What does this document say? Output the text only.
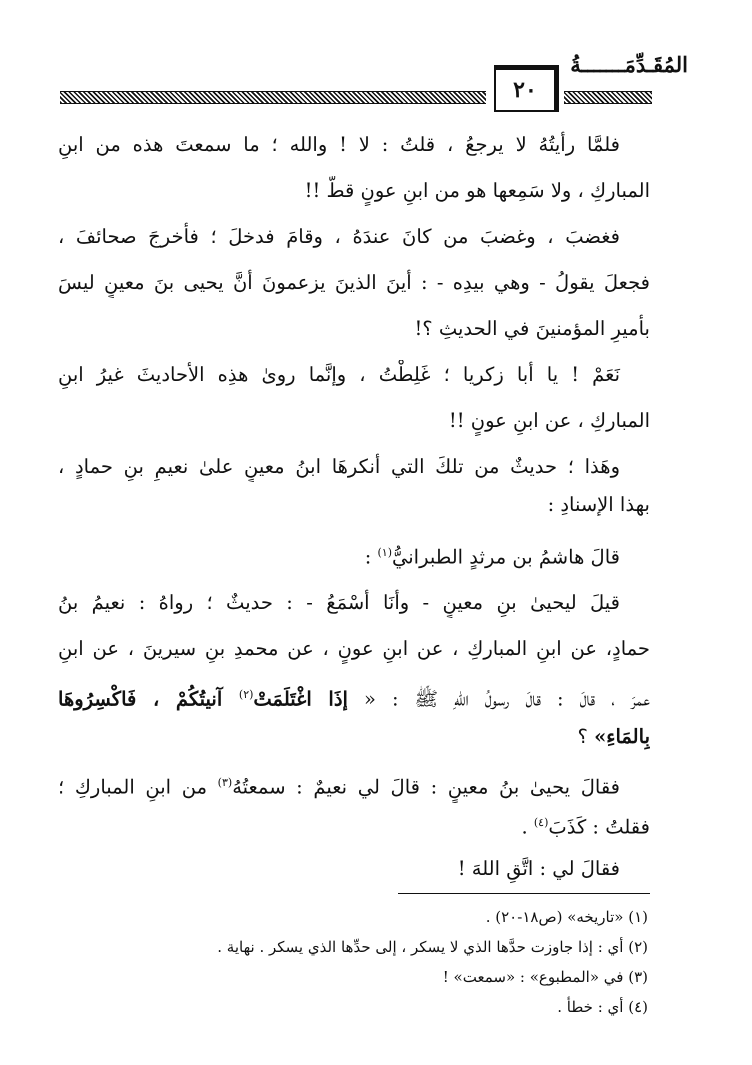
المُقَـدِّمَـــــــةُ
٢٠
فلمَّا رأيتُهُ لا يرجعُ ، قلتُ : لا ! والله ؛ ما سمعتَ هذه من ابنِ
المباركِ ، ولا سَمِعها هو من ابنِ عونٍ قطُّ !!
فغضبَ ، وغضبَ من كانَ عندَهُ ، وقامَ فدخلَ ؛ فأخرجَ صحائفَ ،
فجعلَ يقولُ - وهي بيدِه - : أينَ الذينَ يزعمونَ أنَّ يحيى بنَ معينٍ ليسَ
بأميرِ المؤمنينَ في الحديثِ ؟!
نَعَمْ ! يا أبا زكريا ؛ غَلِطْتُ ، وإنَّما روىٰ هذِه الأحاديثَ غيرُ ابنِ
المباركِ ، عن ابنِ عونٍ !!
وهَذا ؛ حديثٌ من تلكَ التي أنكرهَا ابنُ معينٍ علىٰ نعيمِ بنِ حمادٍ ،
بهذا الإسنادِ :
قالَ هاشمُ بن مرثدٍ الطبرانيُّ$^{(١)}$ :
قيلَ ليحيىٰ بنِ معينٍ - وأنَا أسْمَعُ - : حديثٌ ؛ رواهُ : نعيمُ بنُ
حمادٍ، عن ابنِ المباركِ ، عن ابنِ عونٍ ، عن محمدِ بنِ سيرينَ ، عن ابنِ
عمرَ ، قالَ : قالَ رسولُ اللهِ ﷺ : « إذَا اغْتَلَمَتْ$^{(٢)}$ آنيتُكُمْ ، فَاكْسِرُوهَا
بِالمَاءِ» ؟
فقالَ يحيىٰ بنُ معينٍ : قالَ لي نعيمٌ : سمعتُهُ$^{(٣)}$ من ابنِ المباركِ ؛
فقلتُ : كَذَبَ$^{(٤)}$ .
فقالَ لي : اتَّقِ اللهَ !
(١) «تاريخه» (ص١٨-٢٠) .
(٢) أي : إذا جاوزت حدَّها الذي لا يسكر ، إلى حدِّها الذي يسكر . نهاية .
(٣) في «المطبوع» : «سمعت» !
(٤) أي : خطأ .
